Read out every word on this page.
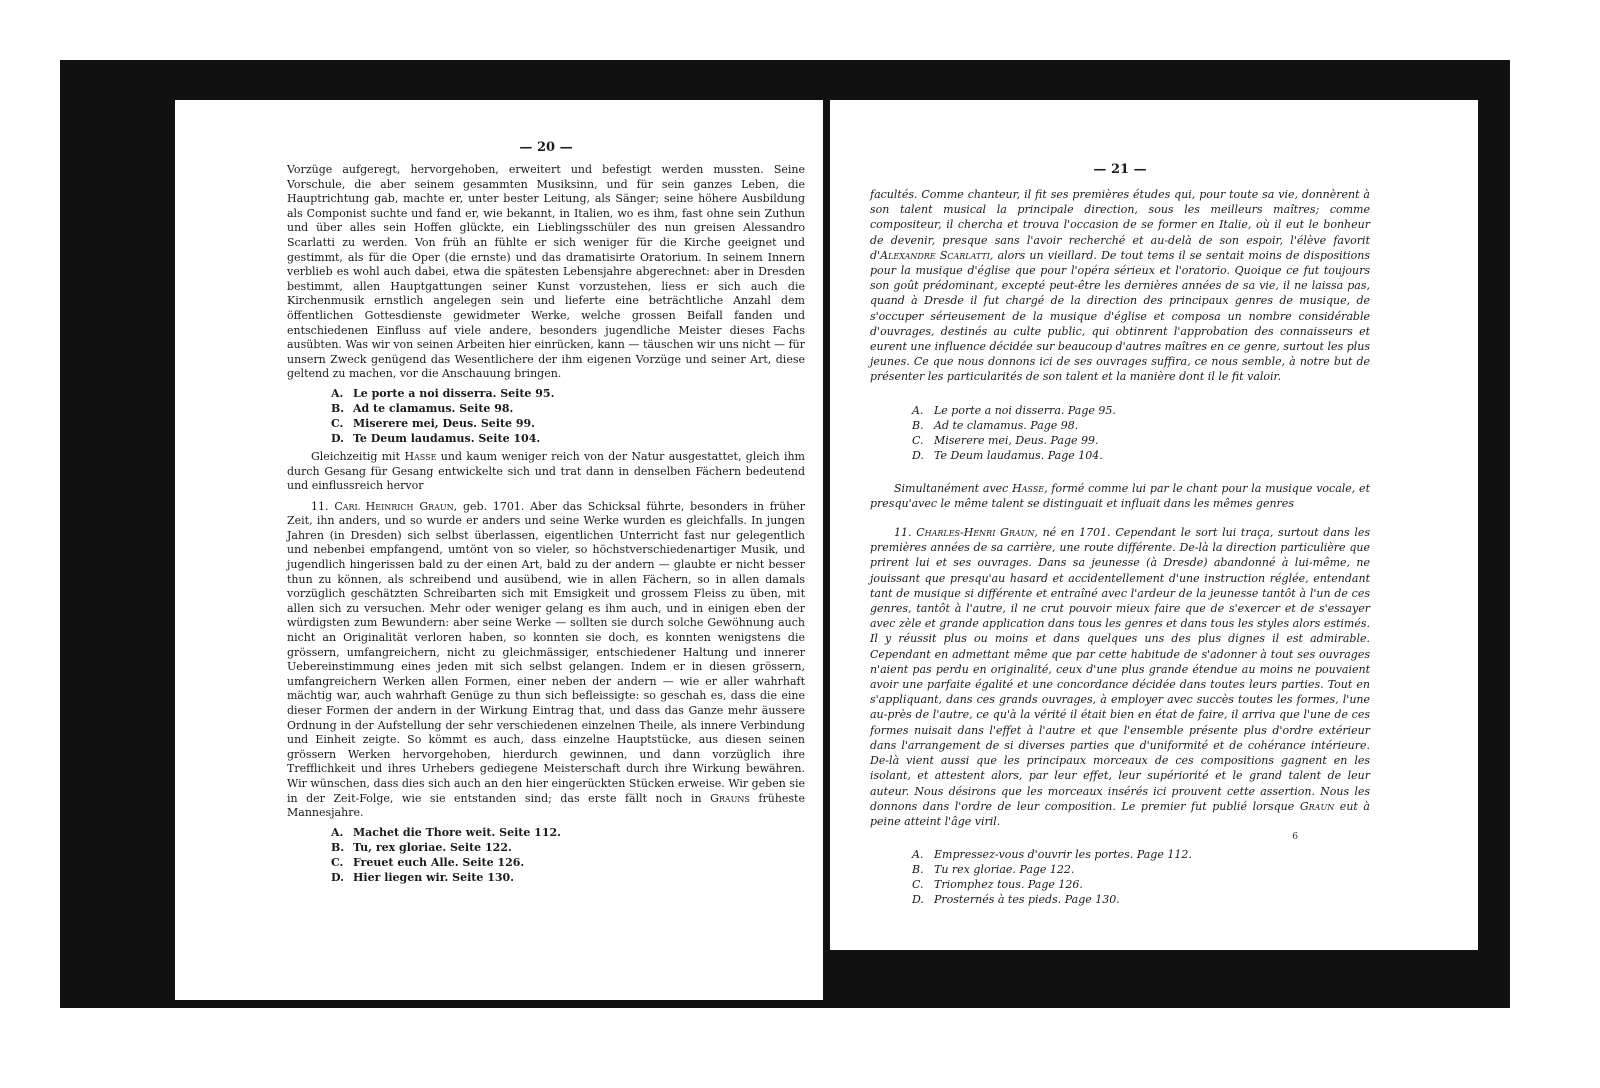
— 20 —

Vorzüge aufgeregt, hervorgehoben, erweitert und befestigt werden mussten. Seine Vorschule, die aber seinem gesammten Musiksinn, und für sein ganzes Leben, die Hauptrichtung gab, machte er, unter bester Leitung, als Sänger; seine höhere Ausbildung als Componist suchte und fand er, wie bekannt, in Italien, wo es ihm, fast ohne sein Zuthun und über alles sein Hoffen glückte, ein Lieblingsschüler des nun greisen Alessandro Scarlatti zu werden. Von früh an fühlte er sich weniger für die Kirche geeignet und gestimmt, als für die Oper (die ernste) und das dramatisirte Oratorium. In seinem Innern verblieb es wohl auch dabei, etwa die spätesten Lebensjahre abgerechnet: aber in Dresden bestimmt, allen Hauptgattungen seiner Kunst vorzustehen, liess er sich auch die Kirchenmusik ernstlich angelegen sein und lieferte eine beträchtliche Anzahl dem öffentlichen Gottesdienste gewidmeter Werke, welche grossen Beifall fanden und entschiedenen Einfluss auf viele andere, besonders jugendliche Meister dieses Fachs ausübten. Was wir von seinen Arbeiten hier einrücken, kann — täuschen wir uns nicht — für unsern Zweck genügend das Wesentlichere der ihm eigenen Vorzüge und seiner Art, diese geltend zu machen, vor die Anschauung bringen.

A. Le porte a noi disserra. Seite 95.
B. Ad te clamamus. Seite 98.
C. Miserere mei, Deus. Seite 99.
D. Te Deum laudamus. Seite 104.

Gleichzeitig mit Hasse und kaum weniger reich von der Natur ausgestattet, gleich ihm durch Gesang für Gesang entwickelte sich und trat dann in denselben Fächern bedeutend und einflussreich hervor

11. Carl Heinrich Graun, geb. 1701. Aber das Schicksal führte, besonders in früher Zeit, ihn anders, und so wurde er anders und seine Werke wurden es gleichfalls. In jungen Jahren (in Dresden) sich selbst überlassen, eigentlichen Unterricht fast nur gelegentlich und nebenbei empfangend, umtönt von so vieler, so höchstverschiedenartiger Musik, und jugendlich hingerissen bald zu der einen Art, bald zu der andern — glaubte er nicht besser thun zu können, als schreibend und ausübend, wie in allen Fächern, so in allen damals vorzüglich geschätzten Schreibarten sich mit Emsigkeit und grossem Fleiss zu üben, mit allen sich zu versuchen. Mehr oder weniger gelang es ihm auch, und in einigen eben der würdigsten zum Bewundern: aber seine Werke — sollten sie durch solche Gewöhnung auch nicht an Originalität verloren haben, so konnten sie doch, es konnten wenigstens die grössern, umfangreichern, nicht zu gleichmässiger, entschiedener Haltung und innerer Uebereinstimmung eines jeden mit sich selbst gelangen. Indem er in diesen grössern, umfangreichern Werken allen Formen, einer neben der andern — wie er aller wahrhaft mächtig war, auch wahrhaft Genüge zu thun sich befleissigte: so geschah es, dass die eine dieser Formen der andern in der Wirkung Eintrag that, und dass das Ganze mehr äussere Ordnung in der Aufstellung der sehr verschiedenen einzelnen Theile, als innere Verbindung und Einheit zeigte. So kömmt es auch, dass einzelne Hauptstücke, aus diesen seinen grössern Werken hervorgehoben, hierdurch gewinnen, und dann vorzüglich ihre Trefflichkeit und ihres Urhebers gediegene Meisterschaft durch ihre Wirkung bewähren. Wir wünschen, dass dies sich auch an den hier eingerückten Stücken erweise. Wir geben sie in der Zeit-Folge, wie sie entstanden sind; das erste fällt noch in Grauns früheste Mannesjahre.

A. Machet die Thore weit. Seite 112.
B. Tu, rex gloriae. Seite 122.
C. Freuet euch Alle. Seite 126.
D. Hier liegen wir. Seite 130.

— 21 —

facultés. Comme chanteur, il fit ses premières études qui, pour toute sa vie, donnèrent à son talent musical la principale direction, sous les meilleurs maîtres; comme compositeur, il chercha et trouva l'occasion de se former en Italie, où il eut le bonheur de devenir, presque sans l'avoir recherché et au-delà de son espoir, l'élève favorit d'Alexandre Scarlatti, alors un vieillard. De tout tems il se sentait moins de dispositions pour la musique d'église que pour l'opéra sérieux et l'oratorio. Quoique ce fut toujours son goût prédominant, excepté peut-être les dernières années de sa vie, il ne laissa pas, quand à Dresde il fut chargé de la direction des principaux genres de musique, de s'occuper sérieusement de la musique d'église et composa un nombre considérable d'ouvrages, destinés au culte public, qui obtinrent l'approbation des connaisseurs et eurent une influence décidée sur beaucoup d'autres maîtres en ce genre, surtout les plus jeunes. Ce que nous donnons ici de ses ouvrages suffira, ce nous semble, à notre but de présenter les particularités de son talent et la manière dont il le fit valoir.

A. Le porte a noi disserra. Page 95.
B. Ad te clamamus. Page 98.
C. Miserere mei, Deus. Page 99.
D. Te Deum laudamus. Page 104.

Simultanément avec Hasse, formé comme lui par le chant pour la musique vocale, et presqu'avec le même talent se distinguait et influait dans les mêmes genres

11. Charles-Henri Graun, né en 1701. Cependant le sort lui traça, surtout dans les premières années de sa carrière, une route différente. De-là la direction particulière que prirent lui et ses ouvrages. Dans sa jeunesse (à Dresde) abandonné à lui-même, ne jouissant que presqu'au hasard et accidentellement d'une instruction réglée, entendant tant de musique si différente et entraîné avec l'ardeur de la jeunesse tantôt à l'un de ces genres, tantôt à l'autre, il ne crut pouvoir mieux faire que de s'exercer et de s'essayer avec zèle et grande application dans tous les genres et dans tous les styles alors estimés. Il y réussit plus ou moins et dans quelques uns des plus dignes il est admirable. Cependant en admettant même que par cette habitude de s'adonner à tout ses ouvrages n'aient pas perdu en originalité, ceux d'une plus grande étendue au moins ne pouvaient avoir une parfaite égalité et une concordance décidée dans toutes leurs parties. Tout en s'appliquant, dans ces grands ouvrages, à employer avec succès toutes les formes, l'une au-près de l'autre, ce qu'à la vérité il était bien en état de faire, il arriva que l'une de ces formes nuisait dans l'effet à l'autre et que l'ensemble présente plus d'ordre extérieur dans l'arrangement de si diverses parties que d'uniformité et de cohérance intérieure. De-là vient aussi que les principaux morceaux de ces compositions gagnent en les isolant, et attestent alors, par leur effet, leur supériorité et le grand talent de leur auteur. Nous désirons que les morceaux insérés ici prouvent cette assertion. Nous les donnons dans l'ordre de leur composition. Le premier fut publié lorsque Graun eut à peine atteint l'âge viril.

A. Empressez-vous d'ouvrir les portes. Page 112.
B. Tu rex gloriae. Page 122.
C. Triomphez tous. Page 126.
D. Prosternés à tes pieds. Page 130.
6
